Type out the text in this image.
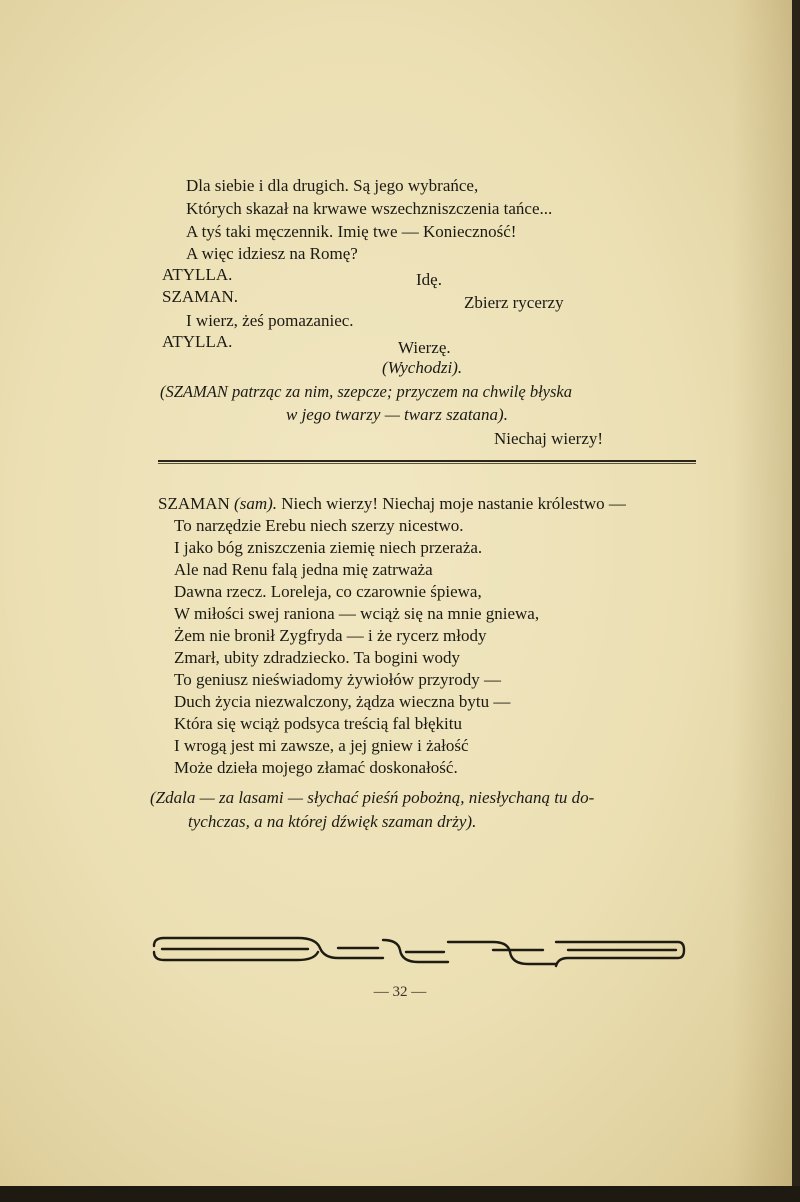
Dla siebie i dla drugich. Są jego wybrańce,
Których skazał na krwawe wszechzniszczenia tańce...
A tyś taki męczennik. Imię twe — Konieczność!
A więc idziesz na Romę?
ATYLLA.	Idę.
SZAMAN.	Zbierz rycerzy
I wierz, żeś pomazaniec.
ATYLLA.	Wierzę.
(Wychodzi).
(SZAMAN patrząc za nim, szepcze; przyczem na chwilę błyska
w jego twarzy — twarz szatana).
Niechaj wierzy!
SZAMAN (sam). Niech wierzy! Niechaj moje nastanie królestwo —
To narzędzie Erebu niech szerzy nicestwo.
I jako bóg zniszczenia ziemię niech przeraża.
Ale nad Renu falą jedna mię zatrważa
Dawna rzecz. Loreleja, co czarownie śpiewa,
W miłości swej raniona — wciąż się na mnie gniewa,
Żem nie bronił Zygfryda — i że rycerz młody
Zmarł, ubity zdradziecko. Ta bogini wody
To geniusz nieświadomy żywiołów przyrody —
Duch życia niezwalczony, żądza wieczna bytu —
Która się wciąż podsyca treścią fal błękitu
I wrogą jest mi zawsze, a jej gniew i żałość
Może dzieła mojego złamać doskonałość.
(Zdala — za lasami — słychać pieśń pobożną, niesłychaną tu do-
tychczas, a na której dźwięk szaman drży).
— 32 —
